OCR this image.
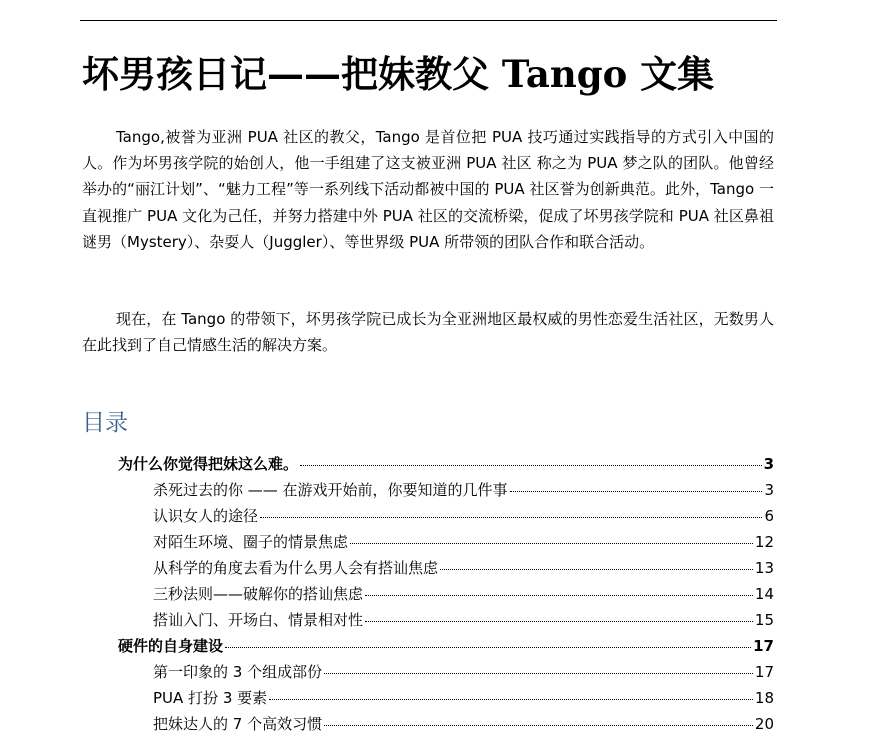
坏男孩日记——把妹教父 Tango 文集

Tango,被誉为亚洲 PUA 社区的教父，Tango 是首位把 PUA 技巧通过实践指导的方式引入中国的人。作为坏男孩学院的始创人，他一手组建了这支被亚洲 PUA 社区 称之为 PUA 梦之队的团队。他曾经举办的“丽江计划”、“魅力工程”等一系列线下活动都被中国的 PUA 社区誉为创新典范。此外，Tango 一直视推广 PUA 文化为己任，并努力搭建中外 PUA 社区的交流桥梁，促成了坏男孩学院和 PUA 社区鼻祖谜男（Mystery）、杂耍人（Juggler）、等世界级 PUA 所带领的团队合作和联合活动。

现在，在 Tango 的带领下，坏男孩学院已成长为全亚洲地区最权威的男性恋爱生活社区，无数男人在此找到了自己情感生活的解决方案。

目录
为什么你觉得把妹这么难。	3
杀死过去的你 —— 在游戏开始前，你要知道的几件事	3
认识女人的途径	6
对陌生环境、圈子的情景焦虑	12
从科学的角度去看为什么男人会有搭讪焦虑	13
三秒法则——破解你的搭讪焦虑	14
搭讪入门、开场白、情景相对性	15
硬件的自身建设	17
第一印象的 3 个组成部份	17
PUA 打扮 3 要素	18
把妹达人的 7 个高效习惯	20
